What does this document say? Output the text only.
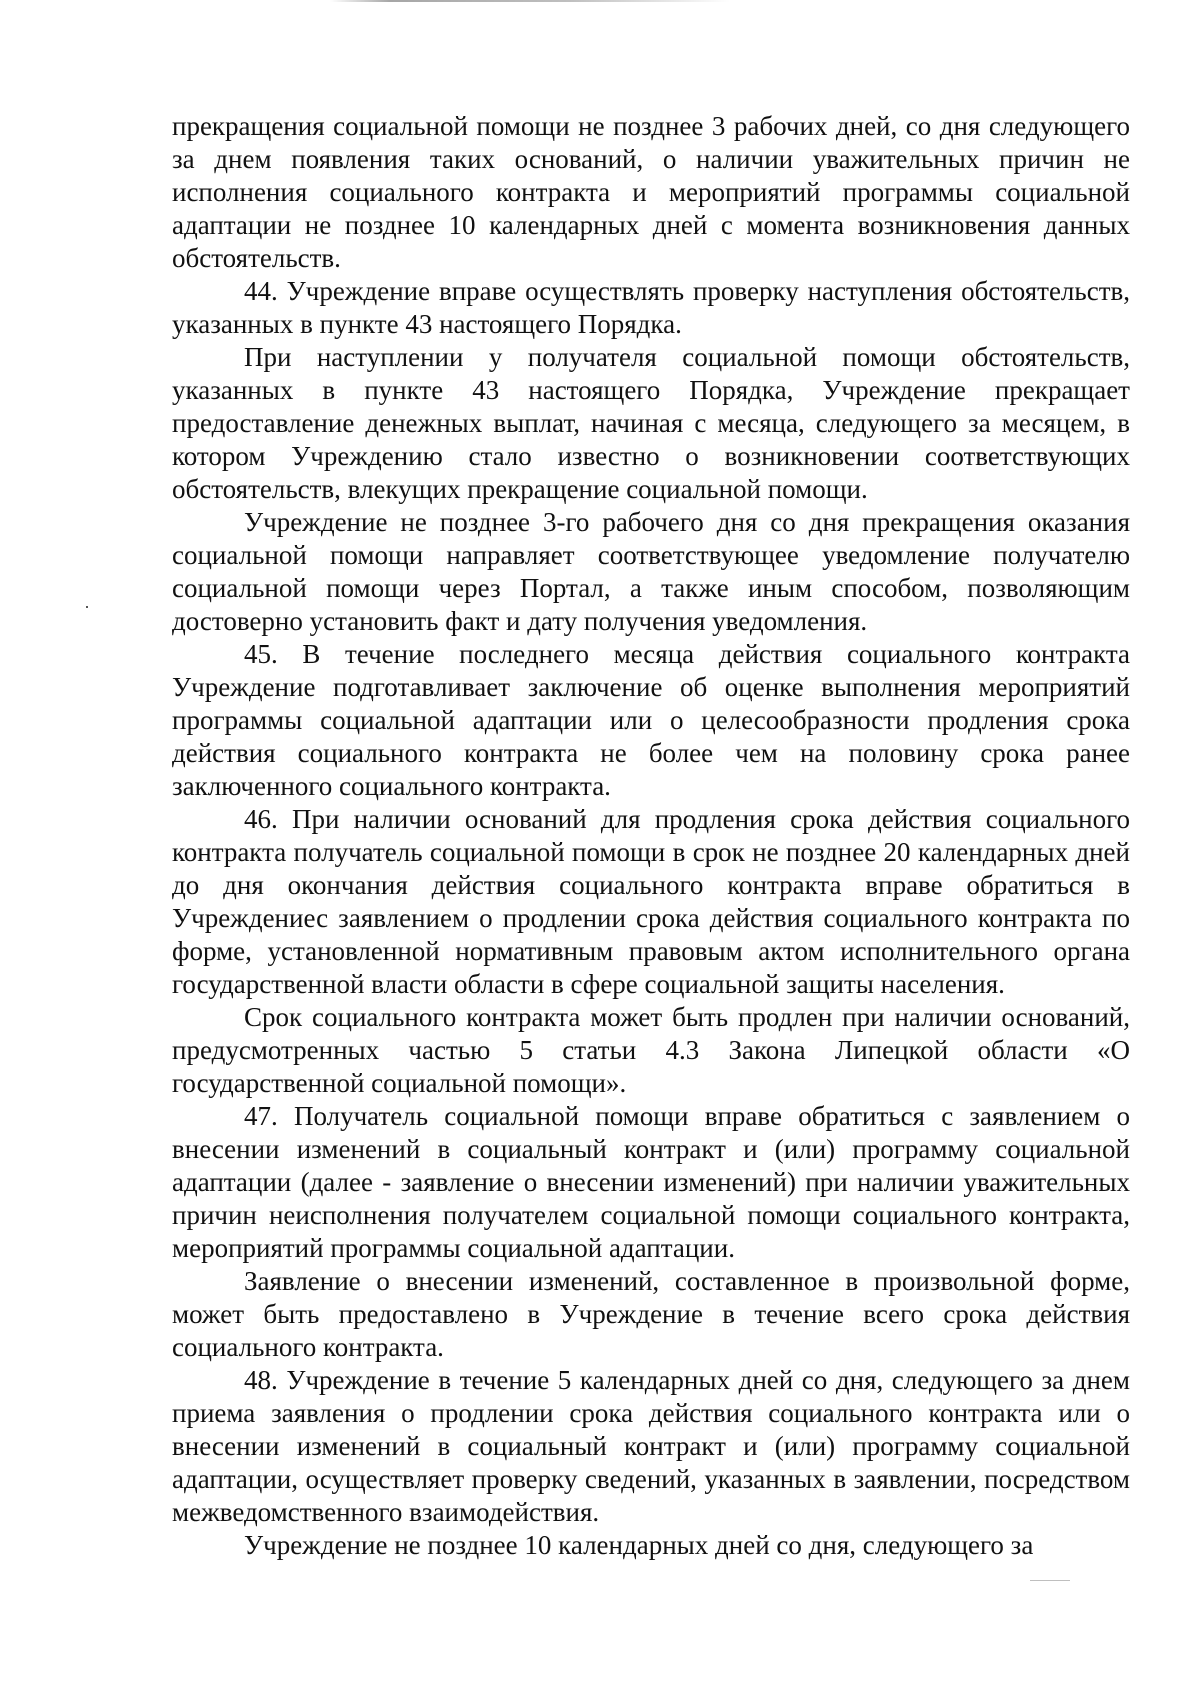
прекращения социальной помощи не позднее 3 рабочих дней, со дня следующего за днем появления таких оснований, о наличии уважительных причин не исполнения социального контракта и мероприятий программы социальной адаптации не позднее 10 календарных дней с момента возникновения данных обстоятельств.

44. Учреждение вправе осуществлять проверку наступления обстоятельств, указанных в пункте 43 настоящего Порядка.

При наступлении у получателя социальной помощи обстоятельств, указанных в пункте 43 настоящего Порядка, Учреждение прекращает предоставление денежных выплат, начиная с месяца, следующего за месяцем, в котором Учреждению стало известно о возникновении соответствующих обстоятельств, влекущих прекращение социальной помощи.

Учреждение не позднее 3-го рабочего дня со дня прекращения оказания социальной помощи направляет соответствующее уведомление получателю социальной помощи через Портал, а также иным способом, позволяющим достоверно установить факт и дату получения уведомления.

45. В течение последнего месяца действия социального контракта Учреждение подготавливает заключение об оценке выполнения мероприятий программы социальной адаптации или о целесообразности продления срока действия социального контракта не более чем на половину срока ранее заключенного социального контракта.

46. При наличии оснований для продления срока действия социального контракта получатель социальной помощи в срок не позднее 20 календарных дней до дня окончания действия социального контракта вправе обратиться в Учреждениес заявлением о продлении срока действия социального контракта по форме, установленной нормативным правовым актом исполнительного органа государственной власти области в сфере социальной защиты населения.

Срок социального контракта может быть продлен при наличии оснований, предусмотренных частью 5 статьи 4.3 Закона Липецкой области «О государственной социальной помощи».

47. Получатель социальной помощи вправе обратиться с заявлением о внесении изменений в социальный контракт и (или) программу социальной адаптации (далее - заявление о внесении изменений) при наличии уважительных причин неисполнения получателем социальной помощи социального контракта, мероприятий программы социальной адаптации.

Заявление о внесении изменений, составленное в произвольной форме, может быть предоставлено в Учреждение в течение всего срока действия социального контракта.

48. Учреждение в течение 5 календарных дней со дня, следующего за днем приема заявления о продлении срока действия социального контракта или о внесении изменений в социальный контракт и (или) программу социальной адаптации, осуществляет проверку сведений, указанных в заявлении, посредством межведомственного взаимодействия.

Учреждение не позднее 10 календарных дней со дня, следующего за
